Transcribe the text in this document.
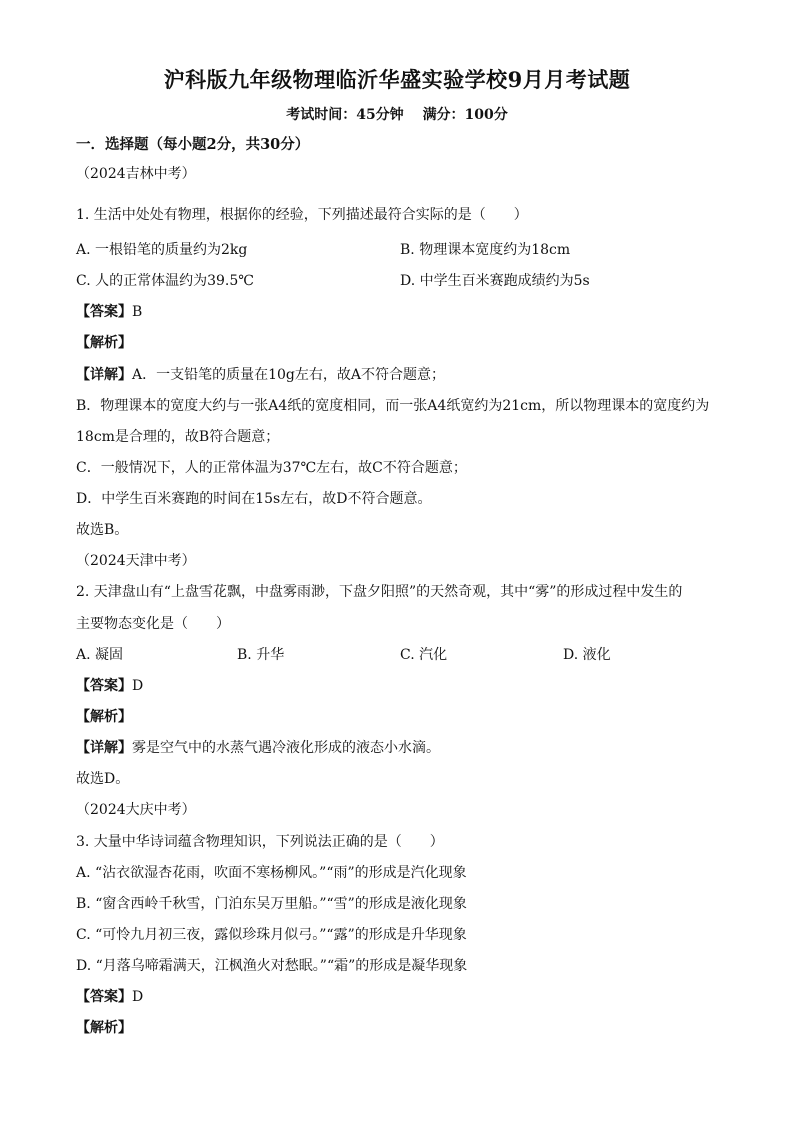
沪科版九年级物理临沂华盛实验学校9月月考试题
考试时间：45分钟 满分：100分
一．选择题（每小题2分，共30分）
（2024吉林中考）
1. 生活中处处有物理，根据你的经验，下列描述最符合实际的是（　　）
A. 一根铅笔的质量约为2kg	B. 物理课本宽度约为18cm
C. 人的正常体温约为39.5℃	D. 中学生百米赛跑成绩约为5s
【答案】B
【解析】
【详解】A．一支铅笔的质量在10g左右，故A不符合题意；
B．物理课本的宽度大约与一张A4纸的宽度相同，而一张A4纸宽约为21cm，所以物理课本的宽度约为
18cm是合理的，故B符合题意；
C．一般情况下，人的正常体温为37℃左右，故C不符合题意；
D．中学生百米赛跑的时间在15s左右，故D不符合题意。
故选B。
（2024天津中考）
2. 天津盘山有“上盘雪花飘，中盘雾雨渺，下盘夕阳照”的天然奇观，其中“雾”的形成过程中发生的
主要物态变化是（　　）
A. 凝固	B. 升华	C. 汽化	D. 液化
【答案】D
【解析】
【详解】雾是空气中的水蒸气遇冷液化形成的液态小水滴。
故选D。
（2024大庆中考）
3. 大量中华诗词蕴含物理知识，下列说法正确的是（　　）
A. “沾衣欲湿杏花雨，吹面不寒杨柳风。”“雨”的形成是汽化现象
B. “窗含西岭千秋雪，门泊东吴万里船。”“雪”的形成是液化现象
C. “可怜九月初三夜，露似珍珠月似弓。”“露”的形成是升华现象
D. “月落乌啼霜满天，江枫渔火对愁眠。”“霜”的形成是凝华现象
【答案】D
【解析】
